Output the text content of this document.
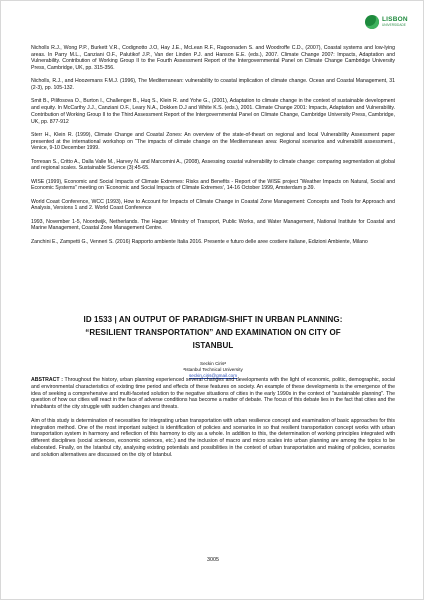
LISBON
UNIVERSIDADE

Nicholls R.J., Wong P.P., Burkett V.R., Codignotto J.O, Hay J.E., McLean R.F., Ragoonaden S. and Woodroffe C.D., (2007), Coastal systems and low-lying areas. In Parry M.L., Canziani O.F., Palutikof J.P., Van der Linden P.J. and Hanson E.E. (eds.), 2007. Climate Change 2007: Impacts, Adaptation and Vulnerability. Contribution of Working Group II to the Fourth Assessment Report of the Intergovernmental Panel on Climate Change Cambridge University Press, Cambridge, UK, pp. 315-356.

Nicholls, R.J., and Hoozemans F.M.J. (1996), The Mediterranean: vulnerability to coastal implication of climate change. Ocean and Coastal Management, 31 (2-3), pp. 105-132.

Smit B., Pilifosova O., Burton I., Challenger B., Huq S., Klein R. and Yohe G., (2001), Adaptation to climate change in the context of sustainable development and equity. In McCarthy J.J., Canziani O.F., Leary N.A., Dokken D.J and White K.S. (eds.), 2001. Climate Change 2001: Impacts, Adaptation and Vulnerability. Contribution of Working Group II to the Third Assessment Report of the Intergovernmental Panel on Climate Change, Cambridge University Press, Cambridge, UK, pp. 877-912

Sterr H., Klein R. (1999), Climate Change and Coastal Zones: An overview of the state-of-theart on regional and local Vulnerability Assessment paper presented at the international workshop on “The impacts of climate change on the Mediterranean area: Regional scenarios and vulnerabilit assessment., Venice, 9-10 December 1999.

Torresan S., Critto A., Dalla Valle M., Harvey N. and Marcomini A., (2008), Assessing coastal vulnerability to climate change: comparing segmentation at global and regional scales. Sustainable Science (3):45-65.

WISE (1999), Economic and Social Impacts of Climate Extremes: Risks and Benefits - Report of the WISE project “Weather Impacts on Natural, Social and Economic Systems” meeting on ‘Economic and Social Impacts of Climate Extremes’, 14-16 October 1999, Amsterdam p.39.

World Coast Conference, WCC (1993), How to Account for Impacts of Climate Change in Coastal Zone Management: Concepts and Tools for Approach and Analysis, Versions 1 and 2. World Coast Conference

1993, November 1-5, Noordwijk, Netherlands. The Hague: Ministry of Transport, Public Works, and Water Management, National Institute for Coastal and Marine Management, Coastal Zone Management Centre.

Zanchini E., Zampetti G., Venneri S. (2016) Rapporto ambiente Italia 2016. Presente e futuro delle aree costiere italiane, Edizioni Ambiente, Milano

ID 1533 | AN OUTPUT OF PARADIGM-SHIFT IN URBAN PLANNING:

“RESILIENT TRANSPORTATION” AND EXAMINATION ON CITY OF

ISTANBUL

Seckin Cirisᵃ
ᵃIstanbul Technical University
seckin.ciris@gmail.com

ABSTRACT : Throughout the history, urban planning experienced several changes and developments with the light of economic, politic, demographic, social and environmental characteristics of existing time period and effects of these features on society. An example of these developments is the emergence of the idea of seeking a comprehensive and multi-faceted solution to the negative situations of cities in the early 1990s in the context of "sustainable planning". The question of how our cities will react in the face of adverse conditions has become a matter of debate. The focus of this debate lies in the fact that cities and the inhabitants of the city struggle with sudden changes and threats.

Aim of this study is determination of necessities for integrating urban transportation with urban resilience concept and examination of basic approaches for this integration method. One of the most important subject is identification of policies and scenarios in so that resilient transportation concept works with urban transportation system in harmony and reflection of this harmony to city as a whole. In addition to this, the determination of working principles integrated with different disciplines (social sciences, economic sciences, etc.) and the inclusion of macro and micro scales into urban planning are among the topics to be elaborated. Finally, on the Istanbul city, analysing existing potentials and possibilities in the context of urban transportation and making of policies, scenarios and solution alternatives are discussed on the city of Istanbul.

3005
